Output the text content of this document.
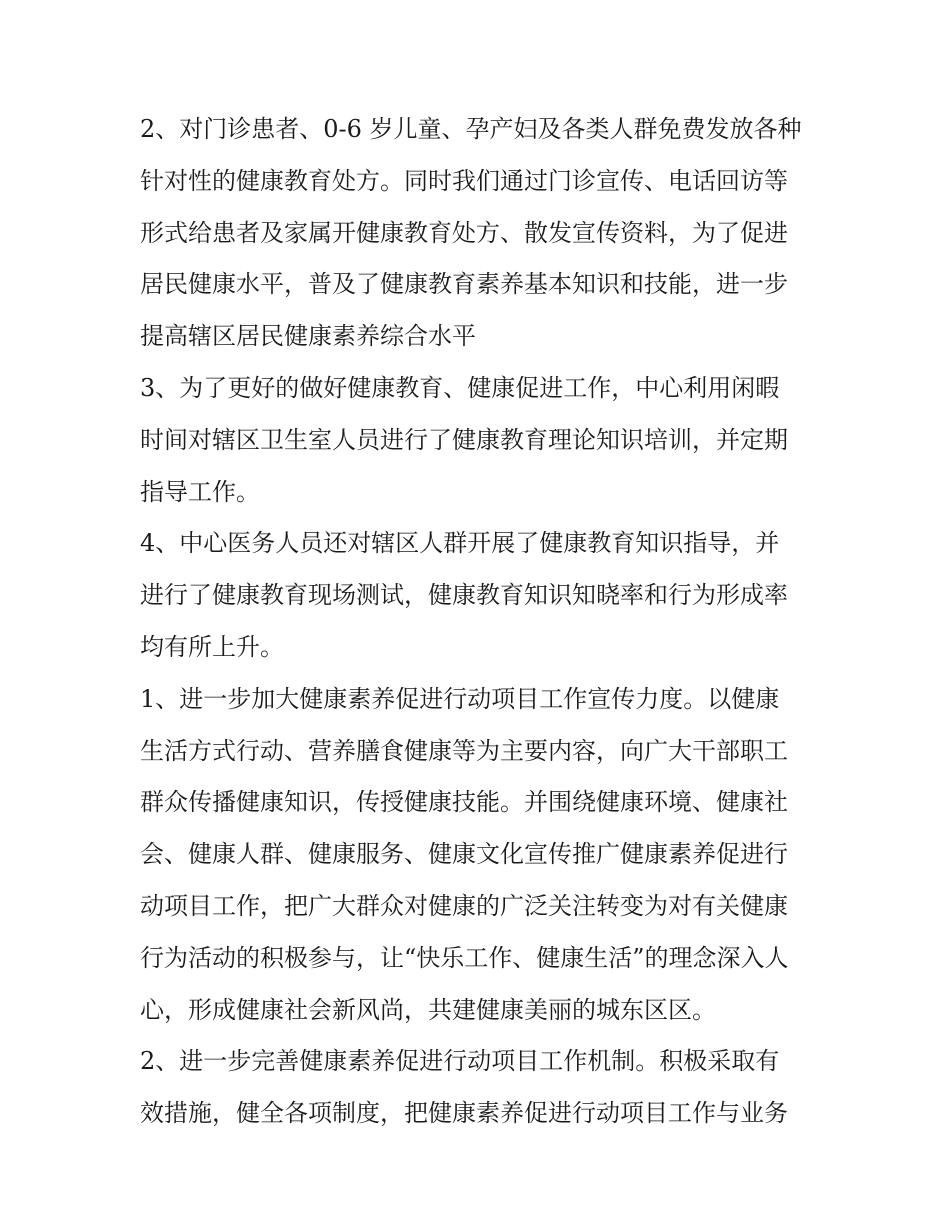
2、对门诊患者、0-6 岁儿童、孕产妇及各类人群免费发放各种
针对性的健康教育处方。同时我们通过门诊宣传、电话回访等
形式给患者及家属开健康教育处方、散发宣传资料，为了促进
居民健康水平，普及了健康教育素养基本知识和技能，进一步
提高辖区居民健康素养综合水平
3、为了更好的做好健康教育、健康促进工作，中心利用闲暇
时间对辖区卫生室人员进行了健康教育理论知识培训，并定期
指导工作。
4、中心医务人员还对辖区人群开展了健康教育知识指导，并
进行了健康教育现场测试，健康教育知识知晓率和行为形成率
均有所上升。
1、进一步加大健康素养促进行动项目工作宣传力度。以健康
生活方式行动、营养膳食健康等为主要内容，向广大干部职工
群众传播健康知识，传授健康技能。并围绕健康环境、健康社
会、健康人群、健康服务、健康文化宣传推广健康素养促进行
动项目工作，把广大群众对健康的广泛关注转变为对有关健康
行为活动的积极参与，让“快乐工作、健康生活”的理念深入人
心，形成健康社会新风尚，共建健康美丽的城东区区。
2、进一步完善健康素养促进行动项目工作机制。积极采取有
效措施，健全各项制度，把健康素养促进行动项目工作与业务
